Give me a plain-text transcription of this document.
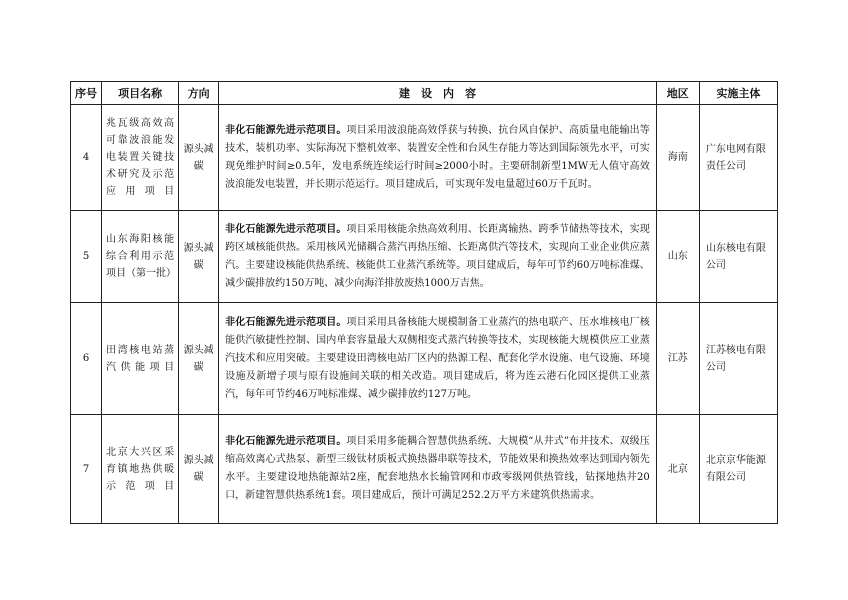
序号	项目名称	方向	建　设　内　容	地区	实施主体
4	兆瓦级高效高可靠波浪能发电装置关键技术研究及示范应用项目	源头减碳	非化石能源先进示范项目。项目采用波浪能高效俘获与转换、抗台风自保护、高质量电能输出等技术，装机功率、实际海况下整机效率、装置安全性和台风生存能力等达到国际领先水平，可实现免维护时间≥0.5年，发电系统连续运行时间≥2000小时。主要研制新型1MW无人值守高效波浪能发电装置，并长期示范运行。项目建成后，可实现年发电量超过60万千瓦时。	海南	广东电网有限责任公司
5	山东海阳核能综合利用示范项目（第一批）	源头减碳	非化石能源先进示范项目。项目采用核能余热高效利用、长距离输热、跨季节储热等技术，实现跨区域核能供热。采用核风光储耦合蒸汽再热压缩、长距离供汽等技术，实现向工业企业供应蒸汽。主要建设核能供热系统、核能供工业蒸汽系统等。项目建成后，每年可节约60万吨标准煤、减少碳排放约150万吨、减少向海洋排放废热1000万吉焦。	山东	山东核电有限公司
6	田湾核电站蒸汽供能项目	源头减碳	非化石能源先进示范项目。项目采用具备核能大规模制备工业蒸汽的热电联产、压水堆核电厂核能供汽敏捷性控制、国内单套容量最大双侧相变式蒸汽转换等技术，实现核能大规模供应工业蒸汽技术和应用突破。主要建设田湾核电站厂区内的热源工程、配套化学水设施、电气设施、环境设施及新增子项与原有设施间关联的相关改造。项目建成后，将为连云港石化园区提供工业蒸汽，每年可节约46万吨标准煤、减少碳排放约127万吨。	江苏	江苏核电有限公司
7	北京大兴区采育镇地热供暖示范项目	源头减碳	非化石能源先进示范项目。项目采用多能耦合智慧供热系统、大规模“从井式”布井技术、双级压缩高效离心式热泵、新型三级钛材质板式换热器串联等技术，节能效果和换热效率达到国内领先水平。主要建设地热能源站2座，配套地热水长输管网和市政零级网供热管线，钻探地热井20口，新建智慧供热系统1套。项目建成后，预计可满足252.2万平方米建筑供热需求。	北京	北京京华能源有限公司
